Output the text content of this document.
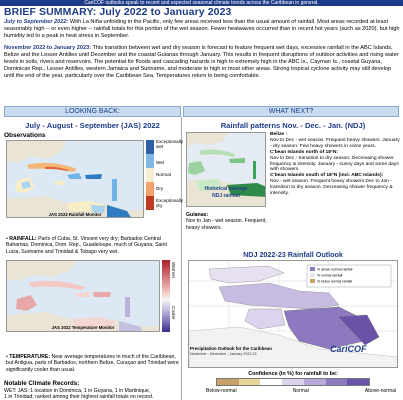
CariCOF outlooks speak to recent and expected seasonal climate trends across the Caribbean in general.
BRIEF SUMMARY: July 2022 to January 2023
July to September 2022: With La Niña unfolding in the Pacific, only few areas received less than the usual amount of rainfall. Most areas recorded at least seasonably high -- or even higher -- rainfall totals for this portion of the wet season. Fewer heatwaves occurred than in recent hot years (such as 2020), but high humidity led to a peak in heat stress in September.
November 2022 to January 2023: This transition between wet and dry season is forecast to feature frequent wet days, excessive rainfall in the ABC Islands, Belize and the Lesser Antilles until December and the coastal Guianas through January. This results in frequent disruptions of outdoor activities and rising water levels in soils, rivers and reservoirs. The potential for floods and cascading hazards is high to extremely high in the ABC Is., Cayman Is., coastal Guyana, Dominican Rep., Lesser Antilles, western Jamaica and Suriname, and moderate to high in most other areas. Strong tropical cyclone activity may still develop until the end of the year, particularly over the Caribbean Sea. Temperatures return to being comfortable.
LOOKING BACK:	WHAT NEXT?
July - August - September (JAS) 2022
Observations
JAS 2022 Rainfall Monitor
Exceptionally wet
Wet
Normal
Dry
Exceptionally dry
• RAINFALL: Parts of Cuba, St. Vincent very dry; Barbados Central Bahamas, Dominica, Dom. Rep., Guadeloupe, much of Guyana, Saint Lucia, Suriname and Trinidad & Tobago very wet.
JAS 2022 Temperature Monitor
Warmer
Cooler
• TEMPERATURE: Near average temperatures in much of the Caribbean, but Antigua, parts of Barbados, northern Belize, Curaçao and Trinidad were significantly cooler than usual.
Notable Climate Records:
WET: JAS: 1 location in Dominica, 1 in Guyana, 1 in Martinique,
1 in Trinidad; ranked among their highest rainfall totals on record.
Rainfall patterns Nov. - Dec. - Jan. (NDJ)
Historical average
NDJ rainfall
Guianas:
Nov to Jan - wet season. Frequent, heavy showers.
Belize :
Nov to Dec - wet season. Frequent heavy showers. January - dry season. Few heavy showers in some years.
C'bean Islands north of 18°N:
Nov to Dec - transition to dry season. Decreasing shower frequency & intensity. January - sunny days and some days with showers.
C'bean Islands south of 18°N (incl. ABC Islands):
Nov - wet season. Frequent heavy showers Dec to Jan - transition to dry season. Decreasing shower frequency & intensity.
NDJ 2022-23 Rainfall Outlook
% above normal rainfall
% normal rainfall
% below normal rainfall
Precipitation Outlook for the Caribbean
November - December - January 2022-23	CariCOF
Confidence (in %) for rainfall to be:
Below-normal	Normal	Above-normal
